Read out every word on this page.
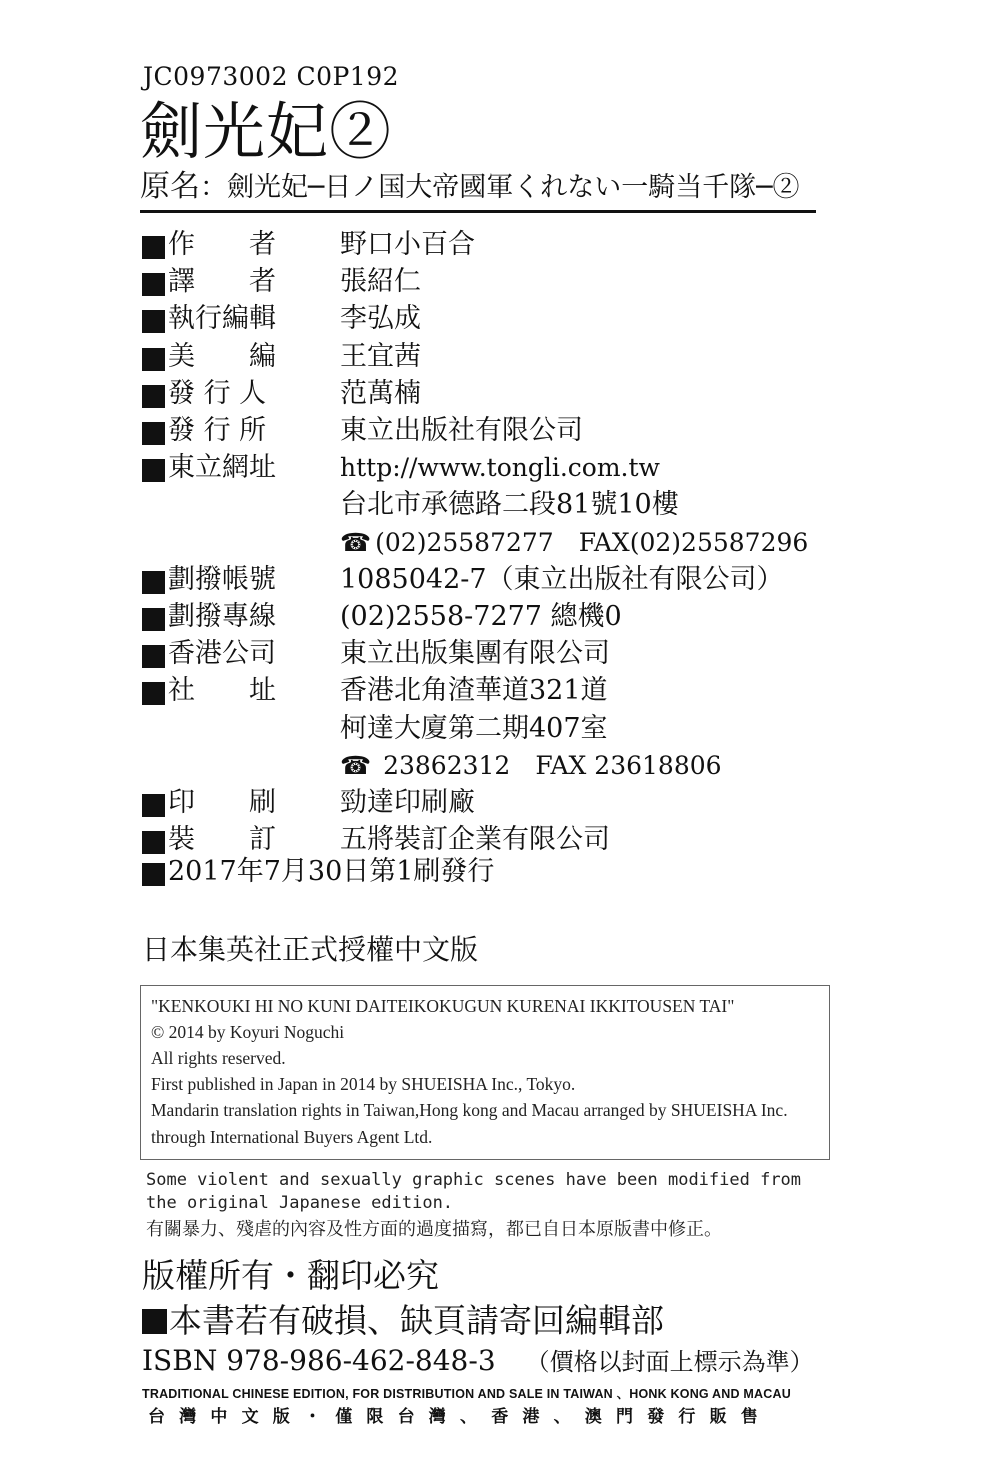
JC0973002 C0P192
劍光妃②
原名：劍光妃─日ノ国大帝國軍くれない一騎当千隊─②
作　　者 野口小百合
譯　　者 張紹仁
執行編輯 李弘成
美　　編 王宜茜
發 行 人	范萬楠
發 行 所	東立出版社有限公司
東立網址	http://www.tongli.com.tw
台北市承德路二段81號10樓
☎ (02)25587277　FAX(02)25587296
劃撥帳號 1085042-7（東立出版社有限公司）
劃撥專線 (02)2558-7277 總機0
香港公司 東立出版集團有限公司
社　　址 香港北角渣華道321道
柯達大廈第二期407室
☎ 23862312　FAX 23618806
印　　刷 勁達印刷廠
裝　　訂 五將裝訂企業有限公司
2017年7月30日第1刷發行
日本集英社正式授權中文版
"KENKOUKI HI NO KUNI DAITEIKOKUGUN KURENAI IKKITOUSEN TAI"
© 2014 by Koyuri Noguchi
All rights reserved.
First published in Japan in 2014 by SHUEISHA Inc., Tokyo.
Mandarin translation rights in Taiwan,Hong kong and Macau arranged by SHUEISHA Inc.
through International Buyers Agent Ltd.
Some violent and sexually graphic scenes have been modified from
the original Japanese edition.
有關暴力、殘虐的內容及性方面的過度描寫，都已自日本原版書中修正。
版權所有・翻印必究
本書若有破損、缺頁請寄回編輯部
ISBN 978-986-462-848-3 （價格以封面上標示為準）
TRADITIONAL CHINESE EDITION, FOR DISTRIBUTION AND SALE IN TAIWAN 、HONK KONG AND MACAU
台灣中文版・僅限台灣、香港、澳門發行販售
